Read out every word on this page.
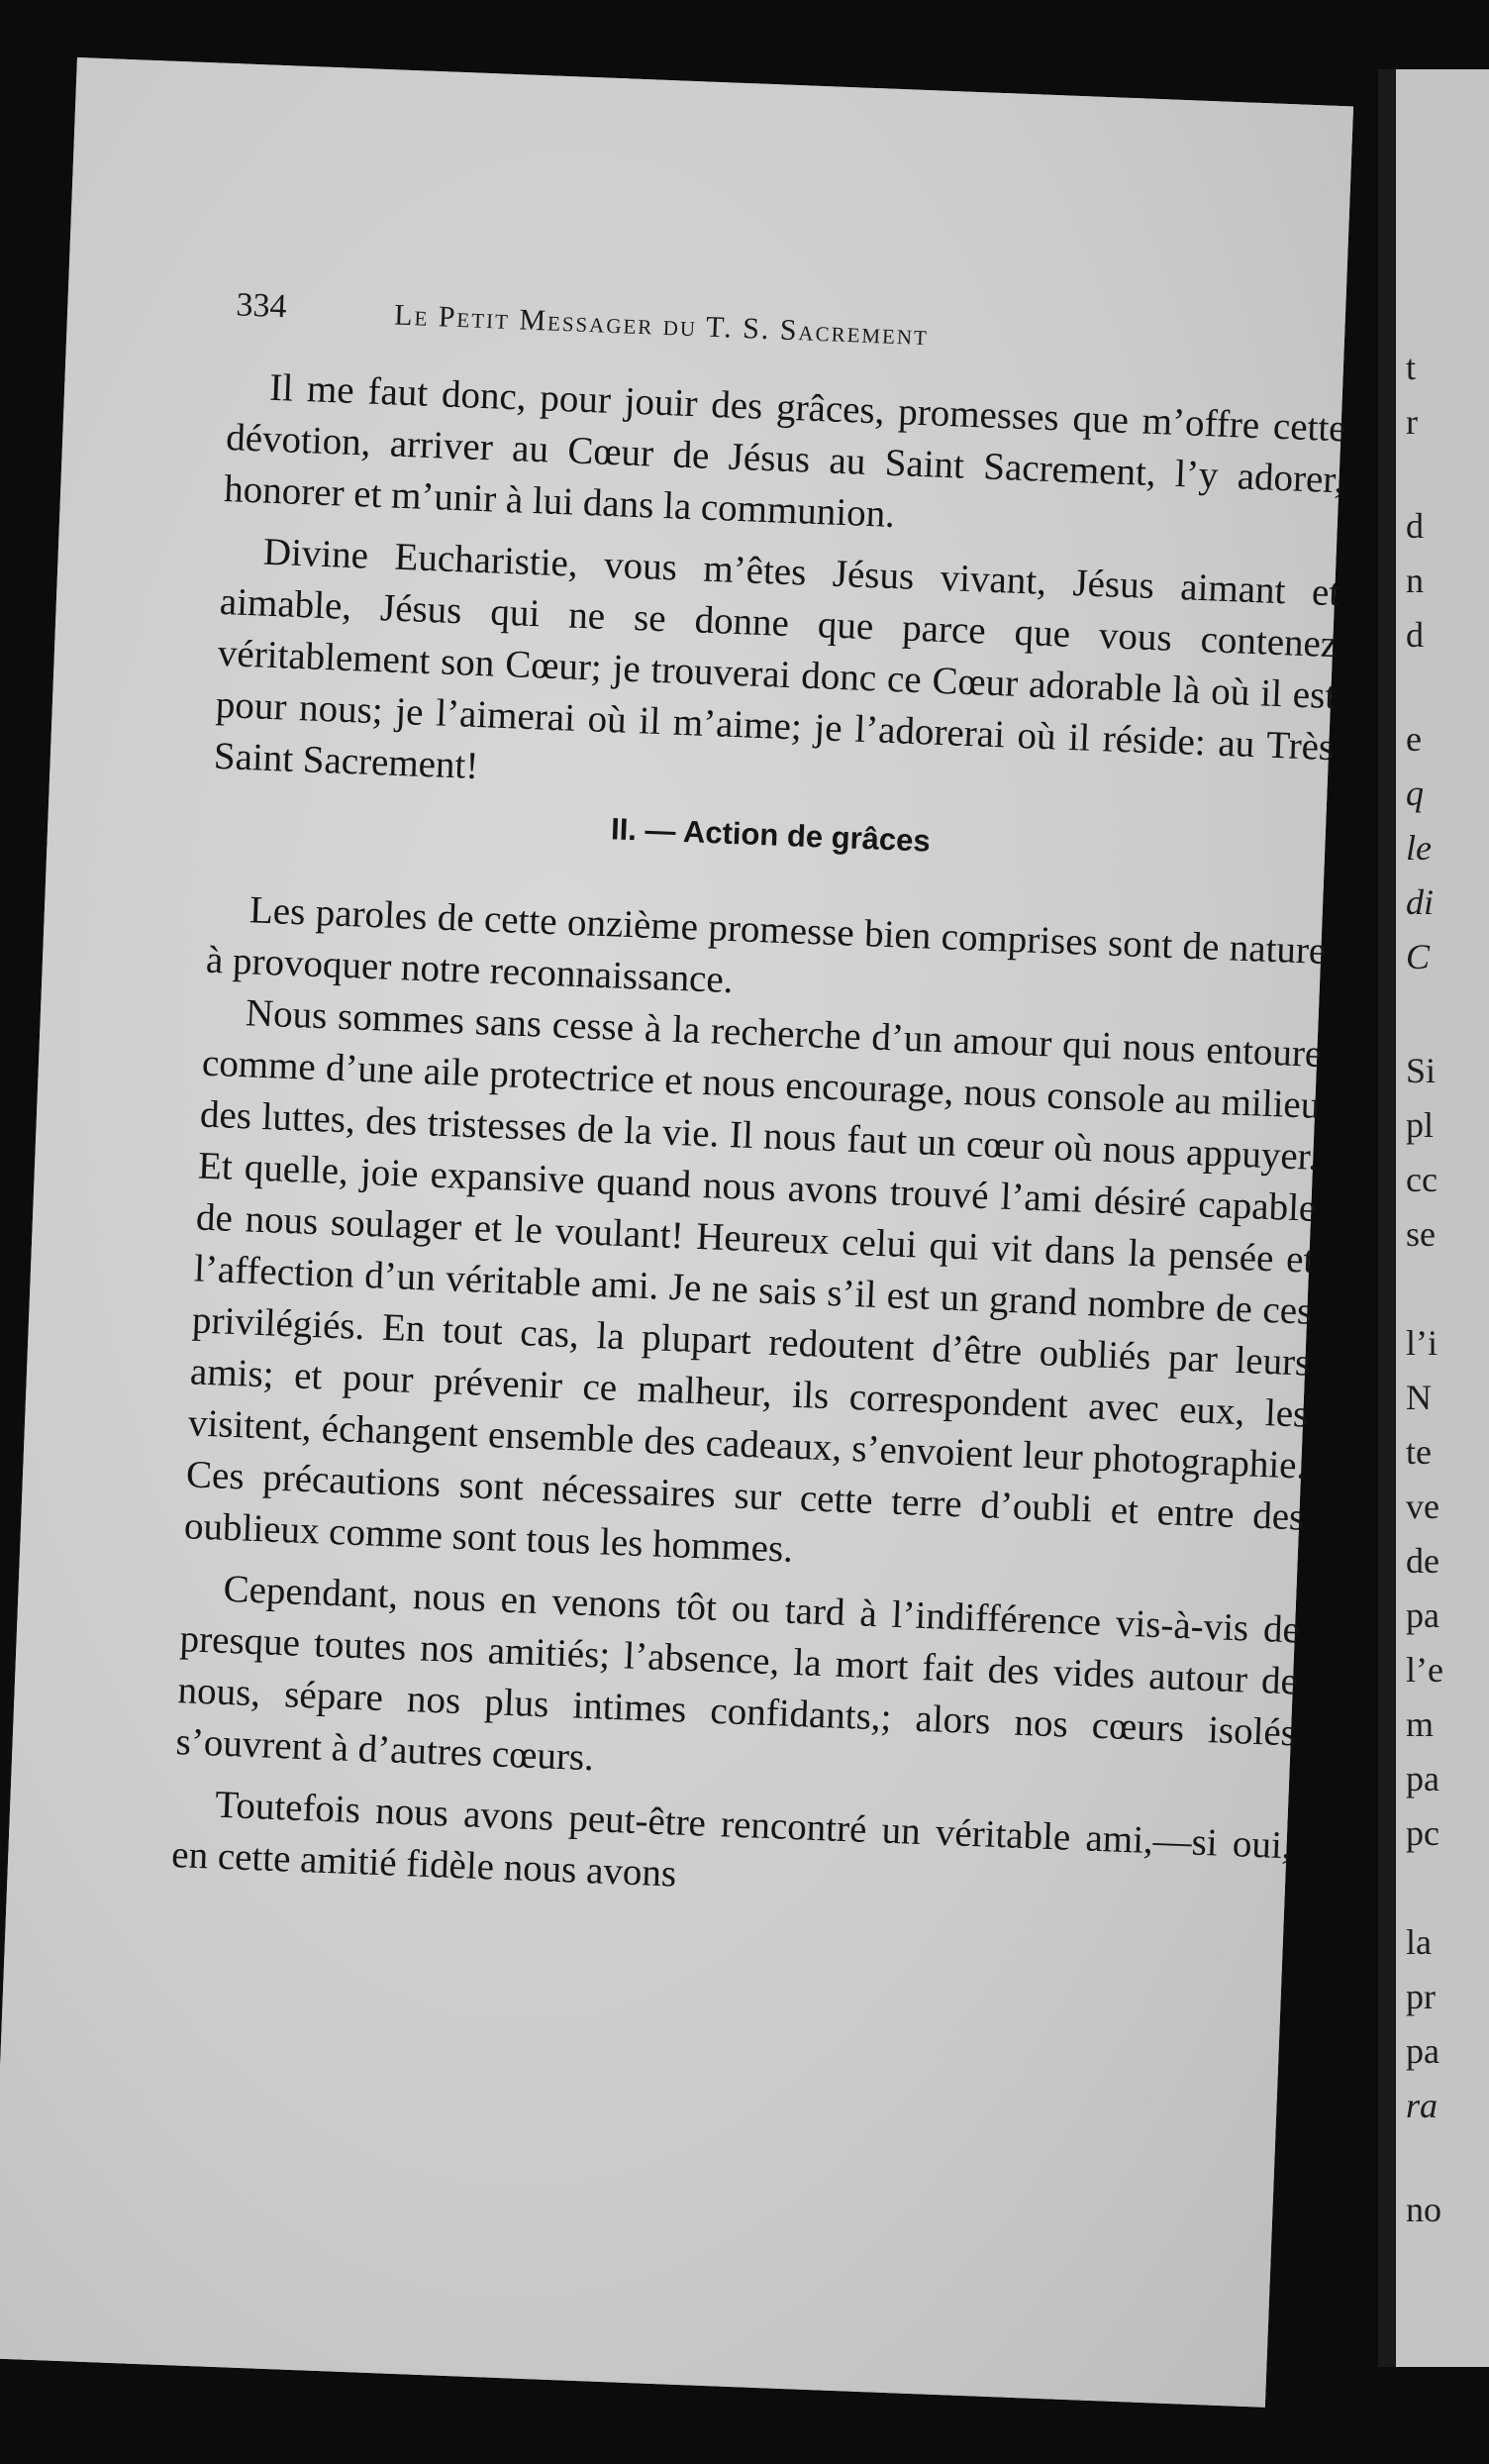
334	Le Petit Messager du T. S. Sacrement

Il me faut donc, pour jouir des grâces, promesses que m’offre cette dévotion, arriver au Cœur de Jésus au Saint Sacrement, l’y adorer, honorer et m’unir à lui dans la communion.

Divine Eucharistie, vous m’êtes Jésus vivant, Jésus aimant et aimable, Jésus qui ne se donne que parce que vous contenez véritablement son Cœur; je trouverai donc ce Cœur adorable là où il est pour nous; je l’aimerai où il m’aime; je l’adorerai où il réside: au Très Saint Sacrement!

II. — Action de grâces

Les paroles de cette onzième promesse bien comprises sont de nature à provoquer notre reconnaissance.

Nous sommes sans cesse à la recherche d’un amour qui nous entoure comme d’une aile protectrice et nous encourage, nous console au milieu des luttes, des tristesses de la vie. Il nous faut un cœur où nous appuyer. Et quelle, joie expansive quand nous avons trouvé l’ami désiré capable de nous soulager et le voulant! Heureux celui qui vit dans la pensée et l’affection d’un véritable ami. Je ne sais s’il est un grand nombre de ces privilégiés. En tout cas, la plupart redoutent d’être oubliés par leurs amis; et pour prévenir ce malheur, ils correspondent avec eux, les visitent, échangent ensemble des cadeaux, s’envoient leur photographie. Ces précautions sont nécessaires sur cette terre d’oubli et entre des oublieux comme sont tous les hommes.

Cependant, nous en venons tôt ou tard à l’indifférence vis-à-vis de presque toutes nos amitiés; l’absence, la mort fait des vides autour de nous, sépare nos plus intimes confidants,; alors nos cœurs isolés s’ouvrent à d’autres cœurs.

Toutefois nous avons peut-être rencontré un véritable ami,—si oui, en cette amitié fidèle nous avons

t
r
d
n
d
e
q
le
di
C
Si
pl
cc
se
l’i
N
te
ve
de
pa
l’e
m
pa
pc
la
pr
pa
ra
no
